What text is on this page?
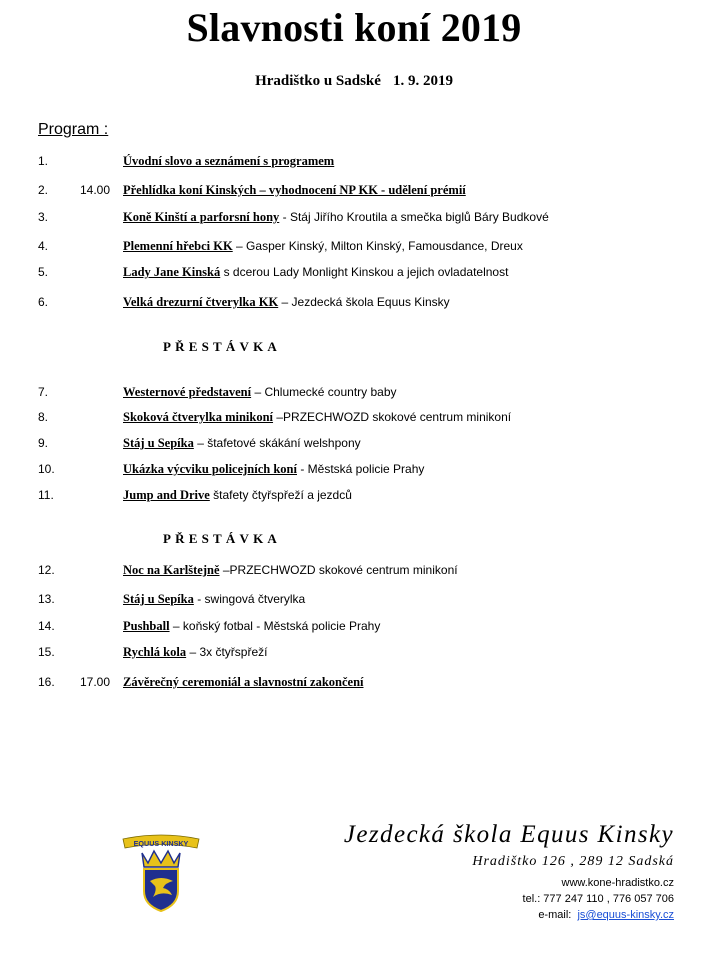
Slavnosti koní 2019
Hradištko u Sadské 1. 9. 2019
Program :
1.	Úvodní slovo a seznámení s programem
2.	14.00 Přehlídka koní Kinských – vyhodnocení NP KK - udělení prémií
3.	Koně Kinští a parforsní hony - Stáj Jiřího Kroutila a smečka biglů Báry Budkové
4.	Plemenní hřebci KK – Gasper Kinský, Milton Kinský, Famousdance, Dreux
5.	Lady Jane Kinská s dcerou Lady Monlight Kinskou a jejich ovladatelnost
6.	Velká drezurní čtverylka KK – Jezdecká škola Equus Kinsky
7.	Westernové představení – Chlumecké country baby
8.	Skoková čtverylka minikoní –PRZECHWOZD skokové centrum minikoní
9.	Stáj u Sepíka – štafetové skákání welshpony
10.	Ukázka výcviku policejních koní - Městská policie Prahy
11.	Jump and Drive štafety čtyřspřeží a jezdců
12.	Noc na Karlštejně –PRZECHWOZD skokové centrum minikoní
13.	Stáj u Sepíka - swingová čtverylka
14.	Pushball – koňský fotbal - Městská policie Prahy
15.	Rychlá kola – 3x čtyřspřeží
16. 17.00 Závěrečný ceremoniál a slavnostní zakončení
PŘESTÁVKA
PŘESTÁVKA
EQUUS KINSKY	Jezdecká škola Equus Kinsky
Hradištko 126 , 289 12 Sadská
www.kone-hradistko.cz
tel.: 777 247 110 , 776 057 706
e-mail: js@equus-kinsky.cz
